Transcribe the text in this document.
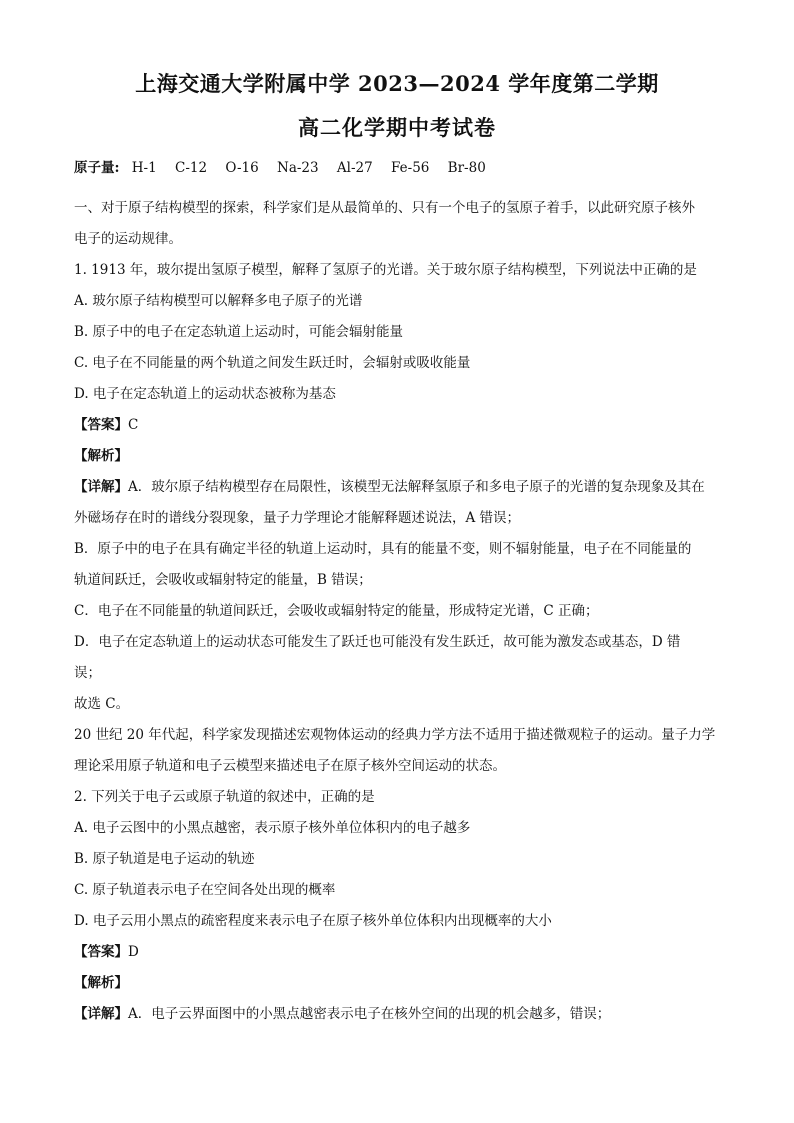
上海交通大学附属中学 2023—2024 学年度第二学期
高二化学期中考试卷
原子量: H-1 C-12 O-16 Na-23 Al-27 Fe-56 Br-80
一、对于原子结构模型的探索，科学家们是从最简单的、只有一个电子的氢原子着手，以此研究原子核外
电子的运动规律。
1. 1913 年，玻尔提出氢原子模型，解释了氢原子的光谱。关于玻尔原子结构模型，下列说法中正确的是
A. 玻尔原子结构模型可以解释多电子原子的光谱
B. 原子中的电子在定态轨道上运动时，可能会辐射能量
C. 电子在不同能量的两个轨道之间发生跃迁时，会辐射或吸收能量
D. 电子在定态轨道上的运动状态被称为基态
【答案】C
【解析】
【详解】A．玻尔原子结构模型存在局限性，该模型无法解释氢原子和多电子原子的光谱的复杂现象及其在
外磁场存在时的谱线分裂现象，量子力学理论才能解释题述说法，A 错误；
B．原子中的电子在具有确定半径的轨道上运动时，具有的能量不变，则不辐射能量，电子在不同能量的
轨道间跃迁，会吸收或辐射特定的能量，B 错误；
C．电子在不同能量的轨道间跃迁，会吸收或辐射特定的能量，形成特定光谱，C 正确；
D．电子在定态轨道上的运动状态可能发生了跃迁也可能没有发生跃迁，故可能为激发态或基态，D 错
误；
故选 C。
20 世纪 20 年代起，科学家发现描述宏观物体运动的经典力学方法不适用于描述微观粒子的运动。量子力学
理论采用原子轨道和电子云模型来描述电子在原子核外空间运动的状态。
2. 下列关于电子云或原子轨道的叙述中，正确的是
A. 电子云图中的小黑点越密，表示原子核外单位体积内的电子越多
B. 原子轨道是电子运动的轨迹
C. 原子轨道表示电子在空间各处出现的概率
D. 电子云用小黑点的疏密程度来表示电子在原子核外单位体积内出现概率的大小
【答案】D
【解析】
【详解】A．电子云界面图中的小黑点越密表示电子在核外空间的出现的机会越多，错误；
